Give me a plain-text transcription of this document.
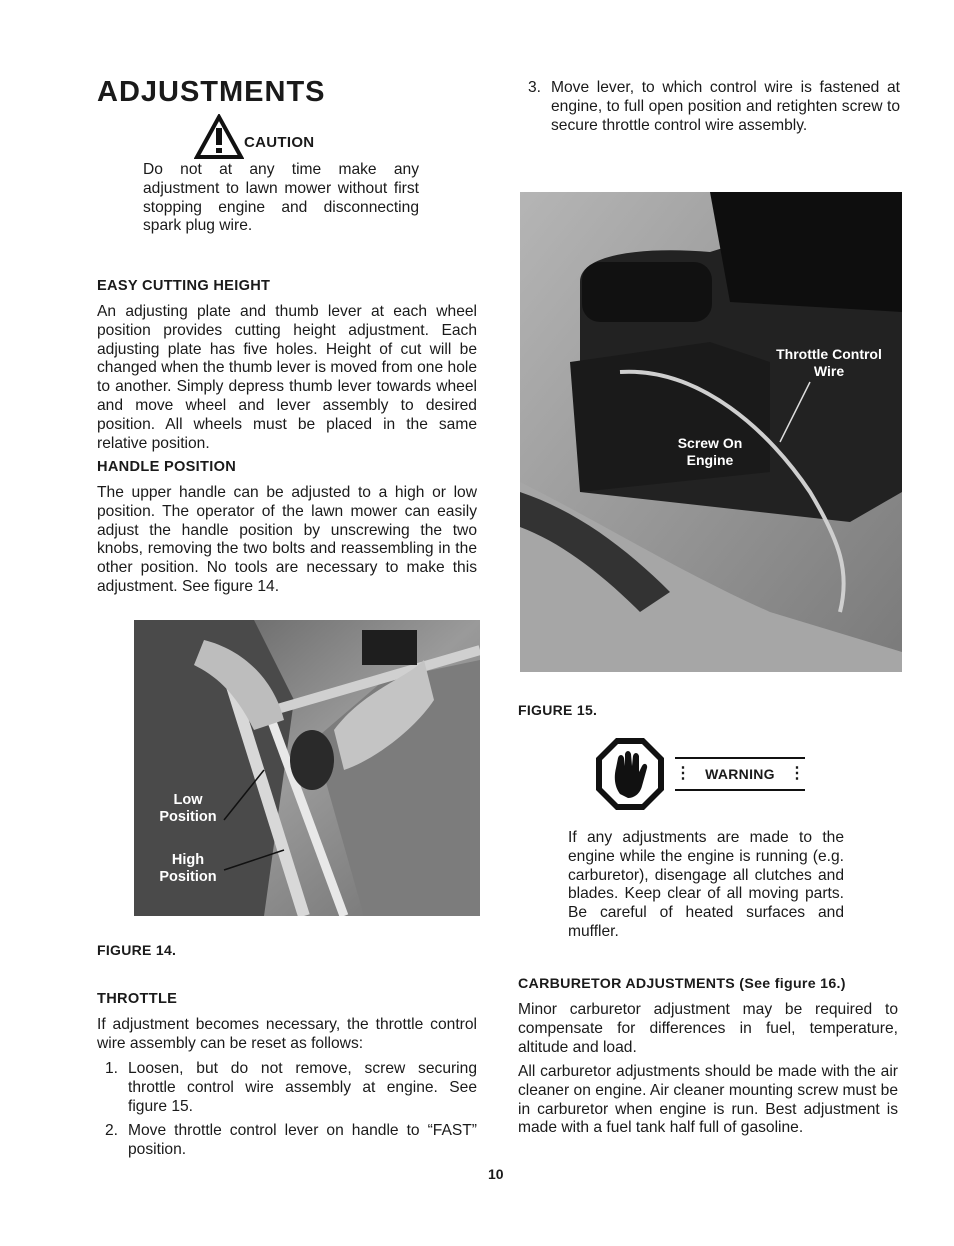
ADJUSTMENTS
CAUTION
Do not at any time make any adjustment to lawn mower without first stopping engine and disconnecting spark plug wire.
EASY CUTTING HEIGHT
An adjusting plate and thumb lever at each wheel position provides cutting height adjustment. Each adjusting plate has five holes. Height of cut will be changed when the thumb lever is moved from one hole to another. Simply depress thumb lever towards wheel and move wheel and lever assembly to desired position. All wheels must be placed in the same relative position.
HANDLE POSITION
The upper handle can be adjusted to a high or low position. The operator of the lawn mower can easily adjust the handle position by unscrewing the two knobs, removing the two bolts and reassembling in the other position. No tools are necessary to make this adjustment. See figure 14.
Low Position
High Position
FIGURE 14.
THROTTLE
If adjustment becomes necessary, the throttle control wire assembly can be reset as follows:
1. Loosen, but do not remove, screw securing throttle control wire assembly at engine. See figure 15.
2. Move throttle control lever on handle to “FAST” position.
10
3. Move lever, to which control wire is fastened at engine, to full open position and retighten screw to secure throttle control wire assembly.
Throttle Control Wire
Screw On Engine
FIGURE 15.
⋮ WARNING ⋮
If any adjustments are made to the engine while the engine is running (e.g. carburetor), disengage all clutches and blades. Keep clear of all moving parts. Be careful of heated surfaces and muffler.
CARBURETOR ADJUSTMENTS (See figure 16.)
Minor carburetor adjustment may be required to compensate for differences in fuel, temperature, altitude and load.
All carburetor adjustments should be made with the air cleaner on engine. Air cleaner mounting screw must be in carburetor when engine is run. Best adjustment is made with a fuel tank half full of gasoline.
